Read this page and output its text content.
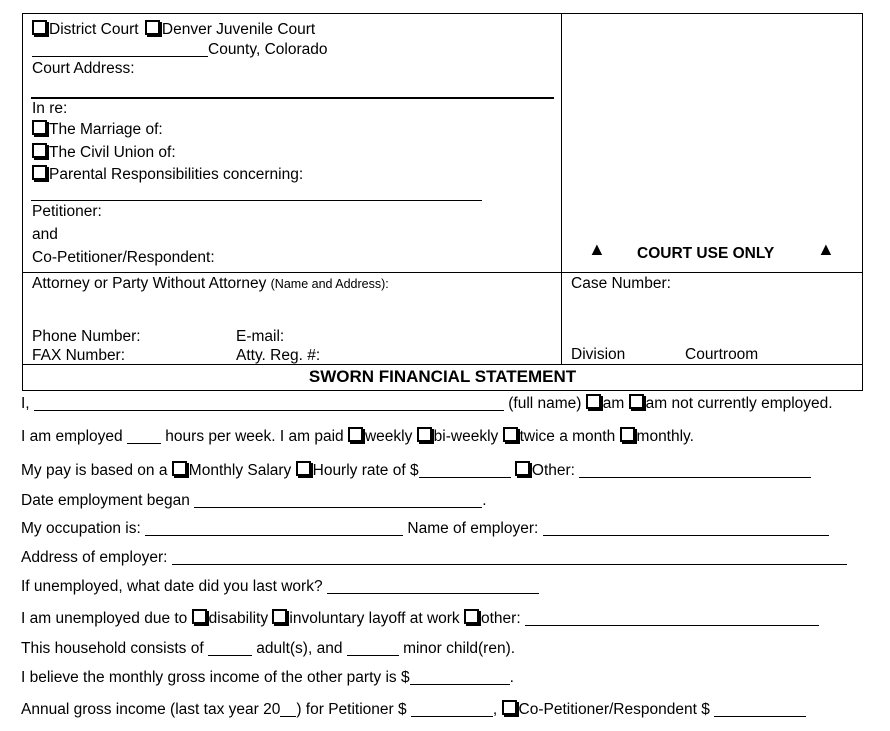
District Court Denver Juvenile Court
County, Colorado
Court Address:
In re:
The Marriage of:
The Civil Union of:
Parental Responsibilities concerning:
Petitioner:
and
Co-Petitioner/Respondent:	▲ COURT USE ONLY ▲
Attorney or Party Without Attorney (Name and Address):
Phone Number:	E-mail:
FAX Number:	Atty. Reg. #:
Case Number:
Division	Courtroom
SWORN FINANCIAL STATEMENT
I,	(full name) am am not currently employed.
I am employed	hours per week. I am paid weekly bi-weekly twice a month monthly.
My pay is based on a Monthly Salary Hourly rate of $	Other:
Date employment began	.
My occupation is:	Name of employer:
Address of employer:
If unemployed, what date did you last work?
I am unemployed due to disability involuntary layoff at work other:
This household consists of	adult(s), and	minor child(ren).
I believe the monthly gross income of the other party is $	.
Annual gross income (last tax year 20 ) for Petitioner $	, Co-Petitioner/Respondent $
